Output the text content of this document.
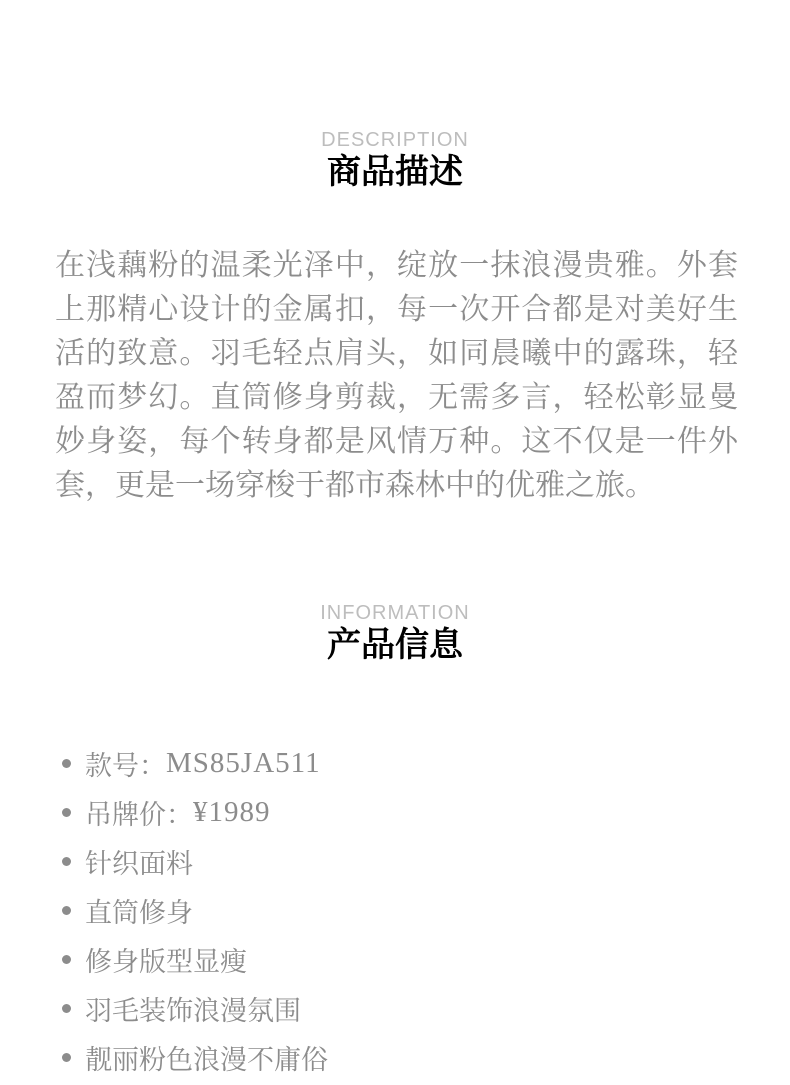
DESCRIPTION
商品描述

在浅藕粉的温柔光泽中，绽放一抹浪漫贵雅。外套上那精心设计的金属扣，每一次开合都是对美好生活的致意。羽毛轻点肩头，如同晨曦中的露珠，轻盈而梦幻。直筒修身剪裁，无需多言，轻松彰显曼妙身姿，每个转身都是风情万种。这不仅是一件外套，更是一场穿梭于都市森林中的优雅之旅。

INFORMATION
产品信息
款号： MS85JA511
吊牌价： ¥1989
针织面料
直筒修身
修身版型显瘦
羽毛装饰浪漫氛围
靓丽粉色浪漫不庸俗
